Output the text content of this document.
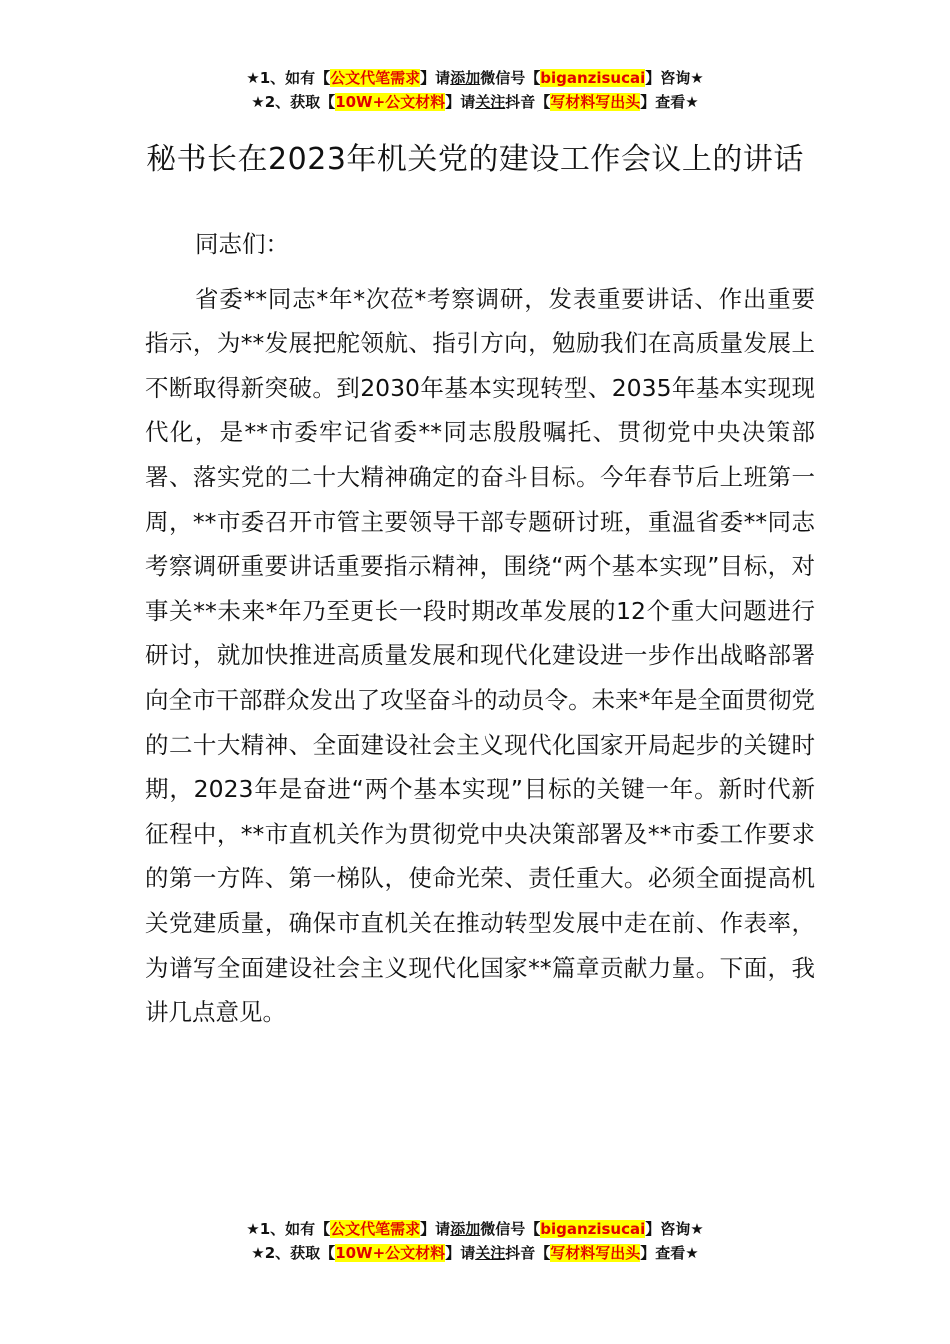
★1、如有【公文代笔需求】请添加微信号【biganzisucai】咨询★
★2、获取【10W+公文材料】请关注抖音【写材料写出头】查看★
秘书长在2023年机关党的建设工作会议上的讲话

同志们：

省委**同志*年*次莅*考察调研，发表重要讲话、作出重要指示，为**发展把舵领航、指引方向，勉励我们在高质量发展上不断取得新突破。到2030年基本实现转型、2035年基本实现现代化，是**市委牢记省委**同志殷殷嘱托、贯彻党中央决策部署、落实党的二十大精神确定的奋斗目标。今年春节后上班第一周，**市委召开市管主要领导干部专题研讨班，重温省委**同志考察调研重要讲话重要指示精神，围绕“两个基本实现”目标，对事关**未来*年乃至更长一段时期改革发展的12个重大问题进行研讨，就加快推进高质量发展和现代化建设进一步作出战略部署向全市干部群众发出了攻坚奋斗的动员令。未来*年是全面贯彻党的二十大精神、全面建设社会主义现代化国家开局起步的关键时期，2023年是奋进“两个基本实现”目标的关键一年。新时代新征程中，**市直机关作为贯彻党中央决策部署及**市委工作要求的第一方阵、第一梯队，使命光荣、责任重大。必须全面提高机关党建质量，确保市直机关在推动转型发展中走在前、作表率，为谱写全面建设社会主义现代化国家**篇章贡献力量。下面，我讲几点意见。

★1、如有【公文代笔需求】请添加微信号【biganzisucai】咨询★
★2、获取【10W+公文材料】请关注抖音【写材料写出头】查看★
